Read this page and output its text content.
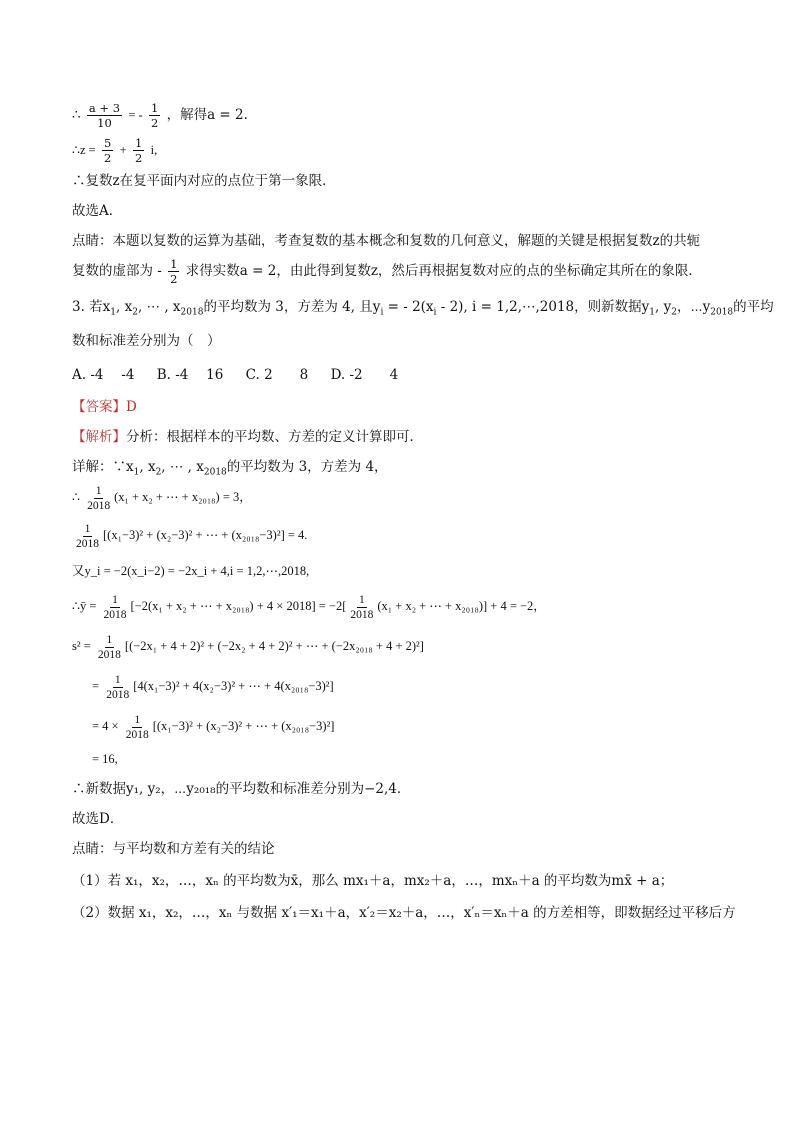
∴ $\frac{a + 3}{10}$ = - $\frac{1}{2}$ ，解得a = 2.
∴z = $\frac{5}{2} + \frac{1}{2} i$,
∴复数z在复平面内对应的点位于第一象限．
故选A．
点睛：本题以复数的运算为基础，考查复数的基本概念和复数的几何意义，解题的关键是根据复数z的共轭
复数的虚部为 - $\frac{1}{2}$ 求得实数a = 2，由此得到复数z，然后再根据复数对应的点的坐标确定其所在的象限．
3. 若$x_1$, $x_2$, ⋯ , $x_{2018}$的平均数为 3，方差为 4, 且$y_i$ = - $2(x_i - 2)$, i = 1,2,⋯,2018，则新数据$y_1$, $y_2$，$\cdots y_{2018}$的平均
数和标准差分别为（　）
A. -4　 -4 B. -4　 16 C. 2　　8 D. -2　　4
【答案】D
【解析】分析：根据样本的平均数、方差的定义计算即可．
详解：$\because x_1$, $x_2$, ⋯ , $x_{2018}$的平均数为 3，方差为 4，
∴ $\frac{1}{2018} (x_1 + x_2$ + ⋯ + x₂₀₁₈) = 3，
$\frac{1}{2018} [(x_1-3)^2 + (x_2-3)^2$ + ⋯ + (x₂₀₁₈−3)²] = 4.
又y_i = −2(x_i−2) = −2x_i + 4,i = 1,2,⋯,2018,
∴ȳ = $\frac{1}{2018} [-2(x_1 + x_2$ + ⋯ + $x_{2018}) + 4 \times 2018] = -2[ \frac{1}{2018} (x_1 + x_2$ + ⋯ + x₂₀₁₈)] + 4 = −2，
$s^2 = \frac{1}{2018} [(-2x_1 + 4 + 2)^2 + (-2x_2 + 4 + 2)^2$ + ⋯ + (−2x₂₀₁₈ + 4 + 2)²]
= $\frac{1}{2018} [4(x_1-3)^2 + 4(x_2-3)^2$ + ⋯ + 4(x₂₀₁₈−3)²]
= $4 \times \frac{1}{2018} [(x_1-3)^2 + (x_2-3)^2$ + ⋯ + (x₂₀₁₈−3)²]
= 16,
∴新数据y₁, y₂，⋯y₂₀₁₈的平均数和标准差分别为−2,4．
故选D．
点睛：与平均数和方差有关的结论
（1）若 x₁，x₂，…，xₙ 的平均数为x̄，那么 mx₁＋a，mx₂＋a，…，mxₙ＋a 的平均数为mx̄ + a；
（2）数据 x₁，x₂，…，xₙ 与数据 x′₁＝x₁＋a，x′₂＝x₂＋a，…，x′ₙ＝xₙ＋a 的方差相等，即数据经过平移后方
